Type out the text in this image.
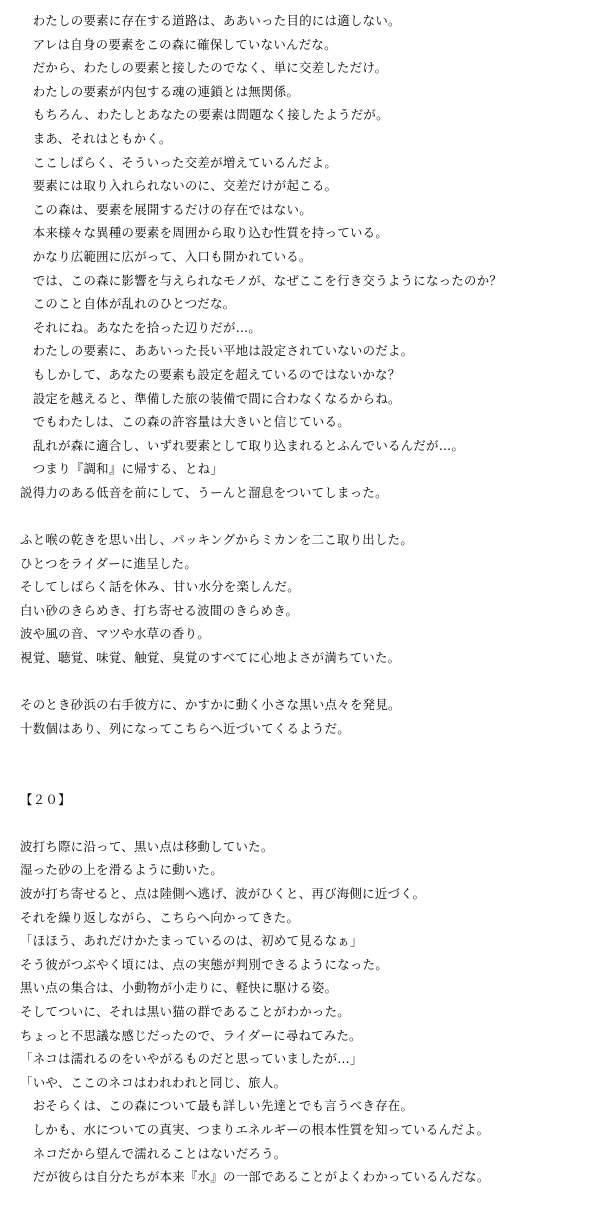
　わたしの要素に存在する道路は、ああいった目的には適しない。
　アレは自身の要素をこの森に確保していないんだな。
　だから、わたしの要素と接したのでなく、単に交差しただけ。
　わたしの要素が内包する魂の連鎖とは無関係。
　もちろん、わたしとあなたの要素は問題なく接したようだが。
　まあ、それはともかく。
　ここしばらく、そういった交差が増えているんだよ。
　要素には取り入れられないのに、交差だけが起こる。
　この森は、要素を展開するだけの存在ではない。
　本来様々な異種の要素を周囲から取り込む性質を持っている。
　かなり広範囲に広がって、入口も開かれている。
　では、この森に影響を与えられなモノが、なぜここを行き交うようになったのか？
　このこと自体が乱れのひとつだな。
　それにね。あなたを拾った辺りだが…。
　わたしの要素に、ああいった長い平地は設定されていないのだよ。
　もしかして、あなたの要素も設定を超えているのではないかな？
　設定を越えると、準備した旅の装備で間に合わなくなるからね。
　でもわたしは、この森の許容量は大きいと信じている。
　乱れが森に適合し、いずれ要素として取り込まれるとふんでいるんだが…。
　つまり『調和』に帰する、とね」
説得力のある低音を前にして、うーんと溜息をついてしまった。
ふと喉の乾きを思い出し、パッキングからミカンを二こ取り出した。
ひとつをライダーに進呈した。
そしてしばらく話を休み、甘い水分を楽しんだ。
白い砂のきらめき、打ち寄せる波間のきらめき。
波や風の音、マツや水草の香り。
視覚、聴覚、味覚、触覚、臭覚のすべてに心地よさが満ちていた。
そのとき砂浜の右手彼方に、かすかに動く小さな黒い点々を発見。
十数個はあり、列になってこちらへ近づいてくるようだ。
【２０】
波打ち際に沿って、黒い点は移動していた。
湿った砂の上を滑るように動いた。
波が打ち寄せると、点は陸側へ逃げ、波がひくと、再び海側に近づく。
それを繰り返しながら、こちらへ向かってきた。
「ほほう、あれだけかたまっているのは、初めて見るなぁ」
そう彼がつぶやく頃には、点の実態が判別できるようになった。
黒い点の集合は、小動物が小走りに、軽快に駆ける姿。
そしてついに、それは黒い猫の群であることがわかった。
ちょっと不思議な感じだったので、ライダーに尋ねてみた。
「ネコは濡れるのをいやがるものだと思っていましたが…」
「いや、ここのネコはわれわれと同じ、旅人。
　おそらくは、この森について最も詳しい先達とでも言うべき存在。
　しかも、水についての真実、つまりエネルギーの根本性質を知っているんだよ。
　ネコだから望んで濡れることはないだろう。
　だが彼らは自分たちが本来『水』の一部であることがよくわかっているんだな。
